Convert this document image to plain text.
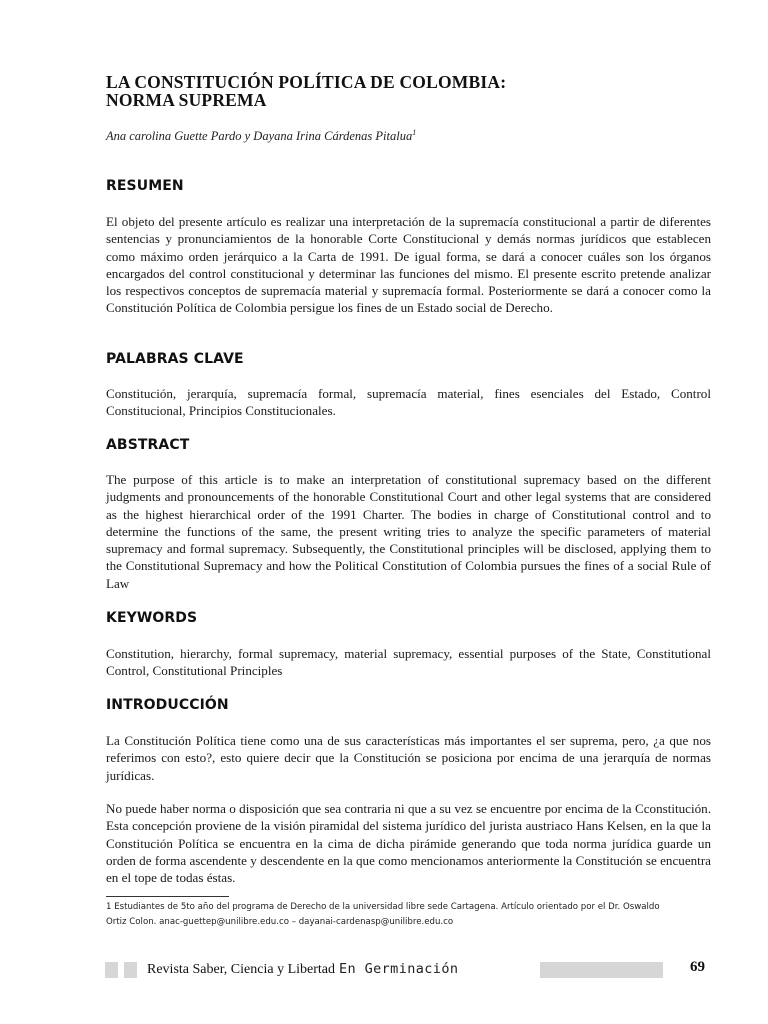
LA CONSTITUCIÓN POLÍTICA DE COLOMBIA:
NORMA SUPREMA
Ana carolina Guette Pardo y Dayana Irina Cárdenas Pitalua$^1$
RESUMEN
El objeto del presente artículo es realizar una interpretación de la supremacía constitucional a partir de diferentes sentencias y pronunciamientos de la honorable Corte Constitucional y demás normas jurídicos que establecen como máximo orden jerárquico a la Carta de 1991. De igual forma, se dará a conocer cuáles son los órganos encargados del control constitucional y determinar las funciones del mismo. El presente escrito pretende analizar los respectivos conceptos de supremacía material y supremacía formal. Posteriormente se dará a conocer como la Constitución Política de Colombia persigue los fines de un Estado social de Derecho.
PALABRAS CLAVE
Constitución, jerarquía, supremacía formal, supremacía material, fines esenciales del Estado, Control Constitucional, Principios Constitucionales.
ABSTRACT
The purpose of this article is to make an interpretation of constitutional supremacy based on the different judgments and pronouncements of the honorable Constitutional Court and other legal systems that are considered as the highest hierarchical order of the 1991 Charter. The bodies in charge of Constitutional control and to determine the functions of the same, the present writing tries to analyze the specific parameters of material supremacy and formal supremacy. Subsequently, the Constitutional principles will be disclosed, applying them to the Constitutional Supremacy and how the Political Constitution of Colombia pursues the fines of a social Rule of Law
KEYWORDS
Constitution, hierarchy, formal supremacy, material supremacy, essential purposes of the State, Constitutional Control, Constitutional Principles
INTRODUCCIÓN
La Constitución Política tiene como una de sus características más importantes el ser suprema, pero, ¿a que nos referimos con esto?, esto quiere decir que la Constitución se posiciona por encima de una jerarquía de normas jurídicas.
No puede haber norma o disposición que sea contraria ni que a su vez se encuentre por encima de la Cconstitución. Esta concepción proviene de la visión piramidal del sistema jurídico del jurista austriaco Hans Kelsen, en la que la Constitución Política se encuentra en la cima de dicha pirámide generando que toda norma jurídica guarde un orden de forma ascendente y descendente en la que como mencionamos anteriormente la Constitución se encuentra en el tope de todas éstas.
1 Estudiantes de 5to año del programa de Derecho de la universidad libre sede Cartagena. Artículo orientado por el Dr. Oswaldo
Ortiz Colon. anac-guettep@unilibre.edu.co – dayanai-cardenasp@unilibre.edu.co
Revista Saber, Ciencia y Libertad En Germinación	69
